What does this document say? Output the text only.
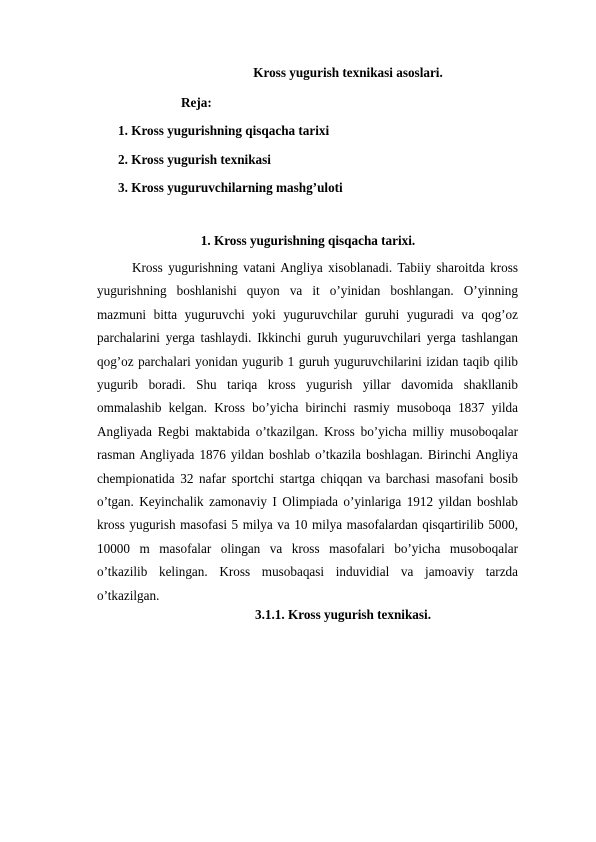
Kross yugurish texnikasi asoslari.
Reja:
1. Kross yugurishning qisqacha tarixi
2. Kross yugurish texnikasi
3. Kross yuguruvchilarning mashg’uloti
1. Kross yugurishning qisqacha tarixi.

Kross yugurishning vatani Angliya xisoblanadi. Tabiiy sharoitda kross yugurishning boshlanishi quyon va it o’yinidan boshlangan. O’yinning mazmuni bitta yuguruvchi yoki yuguruvchilar guruhi yuguradi va qog’oz parchalarini yerga tashlaydi. Ikkinchi guruh yuguruvchilari yerga tashlangan qog’oz parchalari yonidan yugurib 1 guruh yuguruvchilarini izidan taqib qilib yugurib boradi. Shu tariqa kross yugurish yillar davomida shakllanib ommalashib kelgan. Kross bo’yicha birinchi rasmiy musoboqa 1837 yilda Angliyada Regbi maktabida o’tkazilgan. Kross bo’yicha milliy musoboqalar rasman Angliyada 1876 yildan boshlab o’tkazila boshlagan. Birinchi Angliya chempionatida 32 nafar sportchi startga chiqqan va barchasi masofani bosib o’tgan. Keyinchalik zamonaviy I Olimpiada o’yinlariga 1912 yildan boshlab kross yugurish masofasi 5 milya va 10 milya masofalardan qisqartirilib 5000, 10000 m masofalar olingan va kross masofalari bo’yicha musoboqalar o’tkazilib kelingan. Kross musobaqasi induvidial va jamoaviy tarzda o’tkazilgan.

3.1.1. Kross yugurish texnikasi.
